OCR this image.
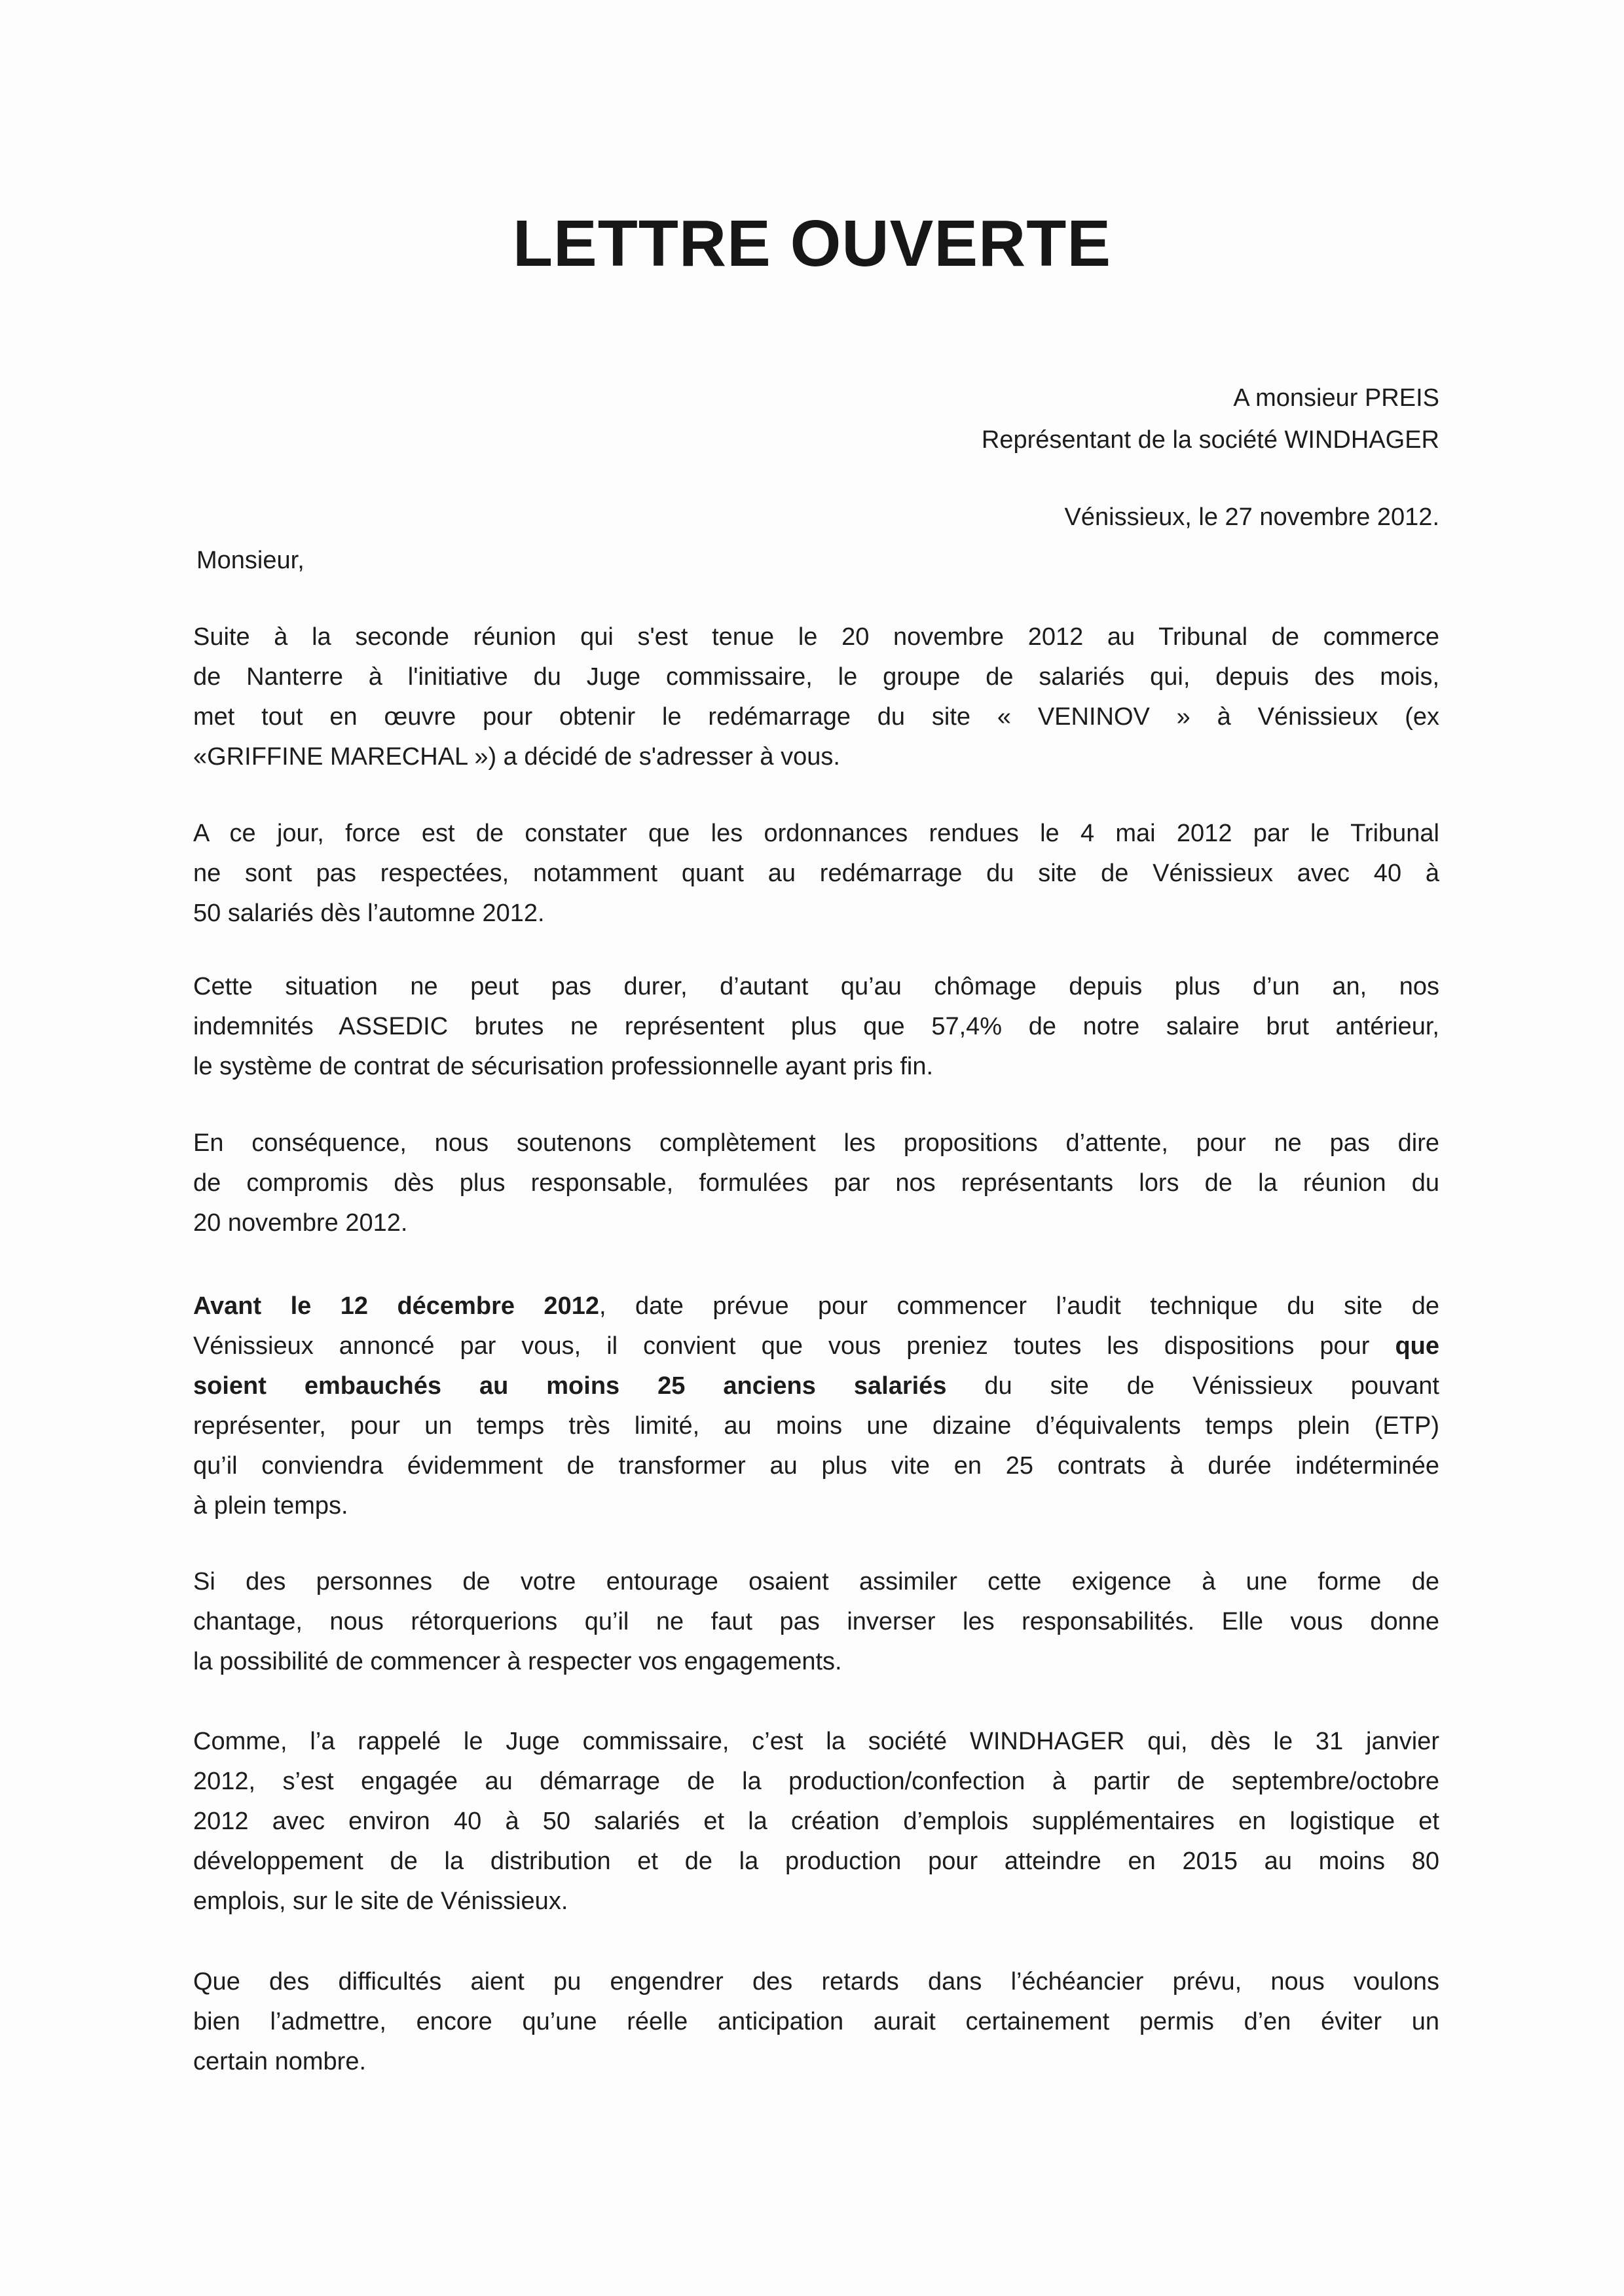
LETTRE OUVERTE
A monsieur PREIS
Représentant de la société WINDHAGER
Vénissieux, le 27 novembre 2012.
Monsieur,
Suite à la seconde réunion qui s'est tenue le 20 novembre 2012 au Tribunal de commerce
de Nanterre à l'initiative du Juge commissaire, le groupe de salariés qui, depuis des mois,
met tout en œuvre pour obtenir le redémarrage du site « VENINOV » à Vénissieux (ex
«GRIFFINE MARECHAL ») a décidé de s'adresser à vous.
A ce jour, force est de constater que les ordonnances rendues le 4 mai 2012 par le Tribunal
ne sont pas respectées, notamment quant au redémarrage du site de Vénissieux avec 40 à
50 salariés dès l’automne 2012.
Cette situation ne peut pas durer, d’autant qu’au chômage depuis plus d’un an, nos
indemnités ASSEDIC brutes ne représentent plus que 57,4% de notre salaire brut antérieur,
le système de contrat de sécurisation professionnelle ayant pris fin.
En conséquence, nous soutenons complètement les propositions d’attente, pour ne pas dire
de compromis dès plus responsable, formulées par nos représentants lors de la réunion du
20 novembre 2012.
Avant le 12 décembre 2012, date prévue pour commencer l’audit technique du site de
Vénissieux annoncé par vous, il convient que vous preniez toutes les dispositions pour que
soient embauchés au moins 25 anciens salariés du site de Vénissieux pouvant
représenter, pour un temps très limité, au moins une dizaine d’équivalents temps plein (ETP)
qu’il conviendra évidemment de transformer au plus vite en 25 contrats à durée indéterminée
à plein temps.
Si des personnes de votre entourage osaient assimiler cette exigence à une forme de
chantage, nous rétorquerions qu’il ne faut pas inverser les responsabilités. Elle vous donne
la possibilité de commencer à respecter vos engagements.
Comme, l’a rappelé le Juge commissaire, c’est la société WINDHAGER qui, dès le 31 janvier
2012, s’est engagée au démarrage de la production/confection à partir de septembre/octobre
2012 avec environ 40 à 50 salariés et la création d’emplois supplémentaires en logistique et
développement de la distribution et de la production pour atteindre en 2015 au moins 80
emplois, sur le site de Vénissieux.
Que des difficultés aient pu engendrer des retards dans l’échéancier prévu, nous voulons
bien l’admettre, encore qu’une réelle anticipation aurait certainement permis d’en éviter un
certain nombre.
